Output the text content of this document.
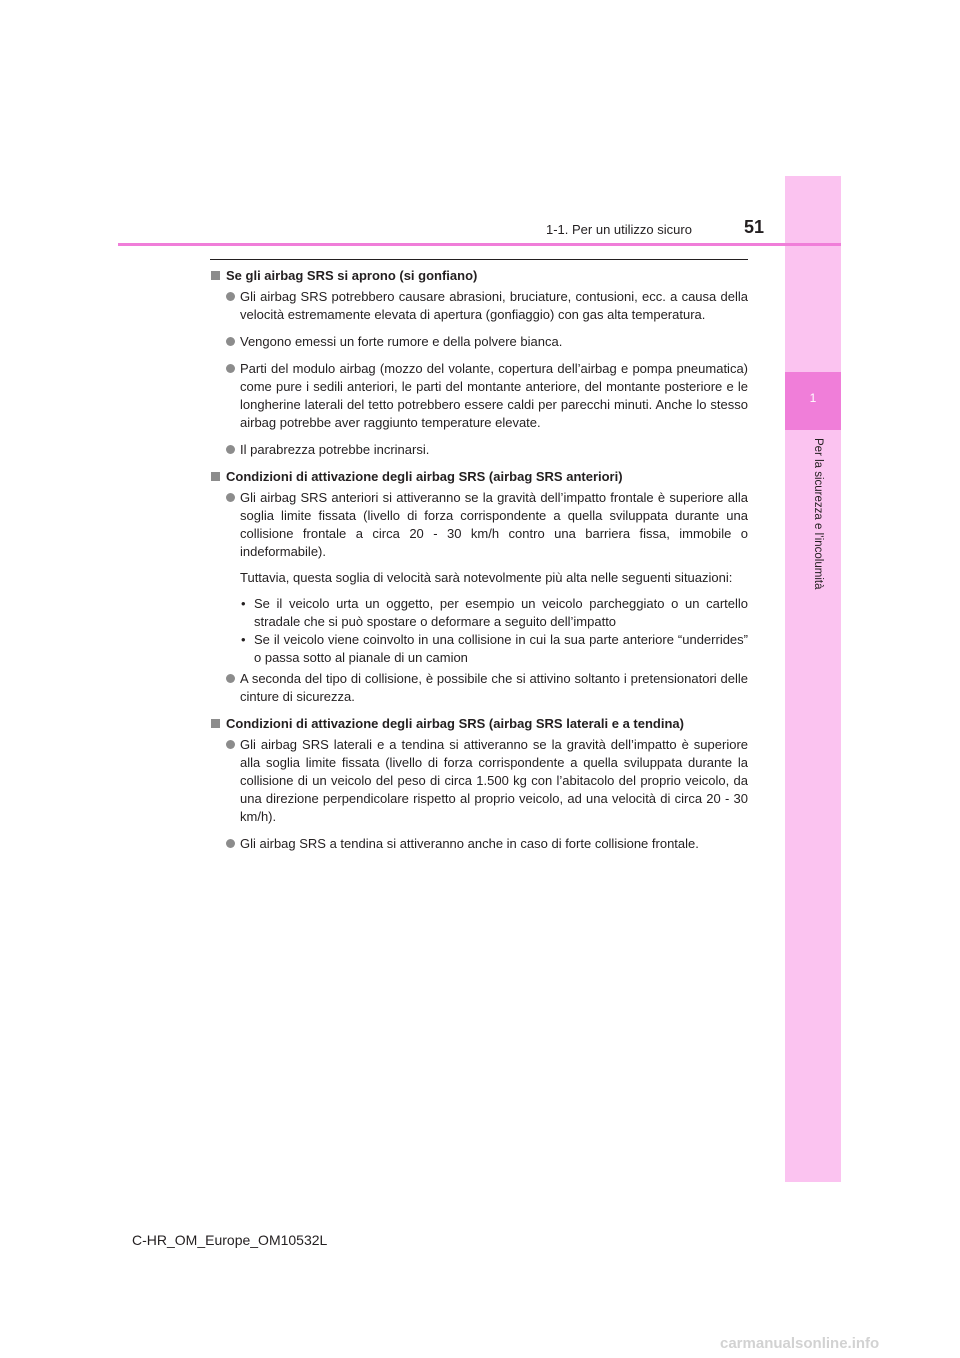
1
Per la sicurezza e l’incolumità
1-1. Per un utilizzo sicuro	51

Se gli airbag SRS si aprono (si gonfiano)

Gli airbag SRS potrebbero causare abrasioni, bruciature, contusioni, ecc. a causa della velocità estremamente elevata di apertura (gonfiaggio) con gas alta temperatura.

Vengono emessi un forte rumore e della polvere bianca.

Parti del modulo airbag (mozzo del volante, copertura dell’airbag e pompa pneumatica) come pure i sedili anteriori, le parti del montante anteriore, del montante posteriore e le longherine laterali del tetto potrebbero essere caldi per parecchi minuti. Anche lo stesso airbag potrebbe aver raggiunto temperature elevate.

Il parabrezza potrebbe incrinarsi.

Condizioni di attivazione degli airbag SRS (airbag SRS anteriori)

Gli airbag SRS anteriori si attiveranno se la gravità dell’impatto frontale è superiore alla soglia limite fissata (livello di forza corrispondente a quella sviluppata durante una collisione frontale a circa 20 - 30 km/h contro una barriera fissa, immobile o indeformabile).

Tuttavia, questa soglia di velocità sarà notevolmente più alta nelle seguenti situazioni:

• Se il veicolo urta un oggetto, per esempio un veicolo parcheggiato o un cartello stradale che si può spostare o deformare a seguito dell’impatto

• Se il veicolo viene coinvolto in una collisione in cui la sua parte anteriore “underrides” o passa sotto al pianale di un camion

A seconda del tipo di collisione, è possibile che si attivino soltanto i pretensionatori delle cinture di sicurezza.

Condizioni di attivazione degli airbag SRS (airbag SRS laterali e a tendina)

Gli airbag SRS laterali e a tendina si attiveranno se la gravità dell’impatto è superiore alla soglia limite fissata (livello di forza corrispondente a quella sviluppata durante la collisione di un veicolo del peso di circa 1.500 kg con l’abitacolo del proprio veicolo, da una direzione perpendicolare rispetto al proprio veicolo, ad una velocità di circa 20 - 30 km/h).

Gli airbag SRS a tendina si attiveranno anche in caso di forte collisione frontale.

C-HR_OM_Europe_OM10532L
carmanualsonline.info
